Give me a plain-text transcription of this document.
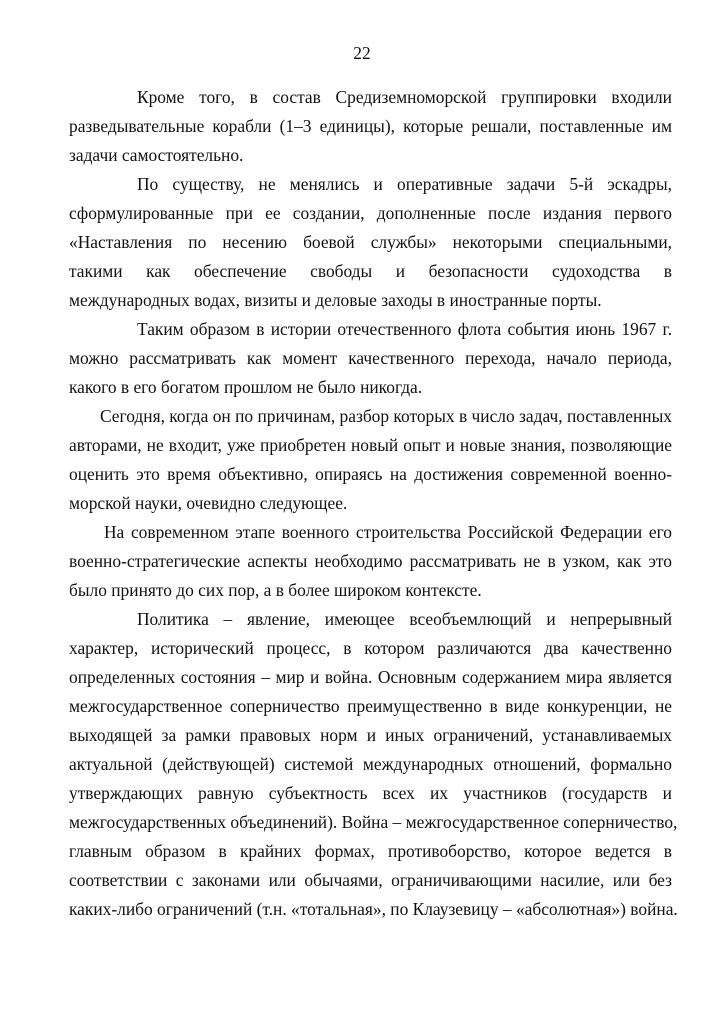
22
Кроме того, в состав Средиземноморской группировки входили
разведывательные корабли (1–3 единицы), которые решали, поставленные им
задачи самостоятельно.
По существу, не менялись и оперативные задачи 5-й эскадры,
сформулированные при ее создании, дополненные после издания первого
«Наставления по несению боевой службы» некоторыми специальными,
такими как обеспечение свободы и безопасности судоходства в
международных водах, визиты и деловые заходы в иностранные порты.
Таким образом в истории отечественного флота события июнь 1967 г.
можно рассматривать как момент качественного перехода, начало периода,
какого в его богатом прошлом не было никогда.
Сегодня, когда он по причинам, разбор которых в число задач, поставленных
авторами, не входит, уже приобретен новый опыт и новые знания, позволяющие
оценить это время объективно, опираясь на достижения современной военно-
морской науки, очевидно следующее.
На современном этапе военного строительства Российской Федерации его
военно-стратегические аспекты необходимо рассматривать не в узком, как это
было принято до сих пор, а в более широком контексте.
Политика – явление, имеющее всеобъемлющий и непрерывный
характер, исторический процесс, в котором различаются два качественно
определенных состояния – мир и война. Основным содержанием мира является
межгосударственное соперничество преимущественно в виде конкуренции, не
выходящей за рамки правовых норм и иных ограничений, устанавливаемых
актуальной (действующей) системой международных отношений, формально
утверждающих равную субъектность всех их участников (государств и
межгосударственных объединений). Война – межгосударственное соперничество,
главным образом в крайних формах, противоборство, которое ведется в
соответствии с законами или обычаями, ограничивающими насилие, или без
каких-либо ограничений (т.н. «тотальная», по Клаузевицу – «абсолютная») война.
